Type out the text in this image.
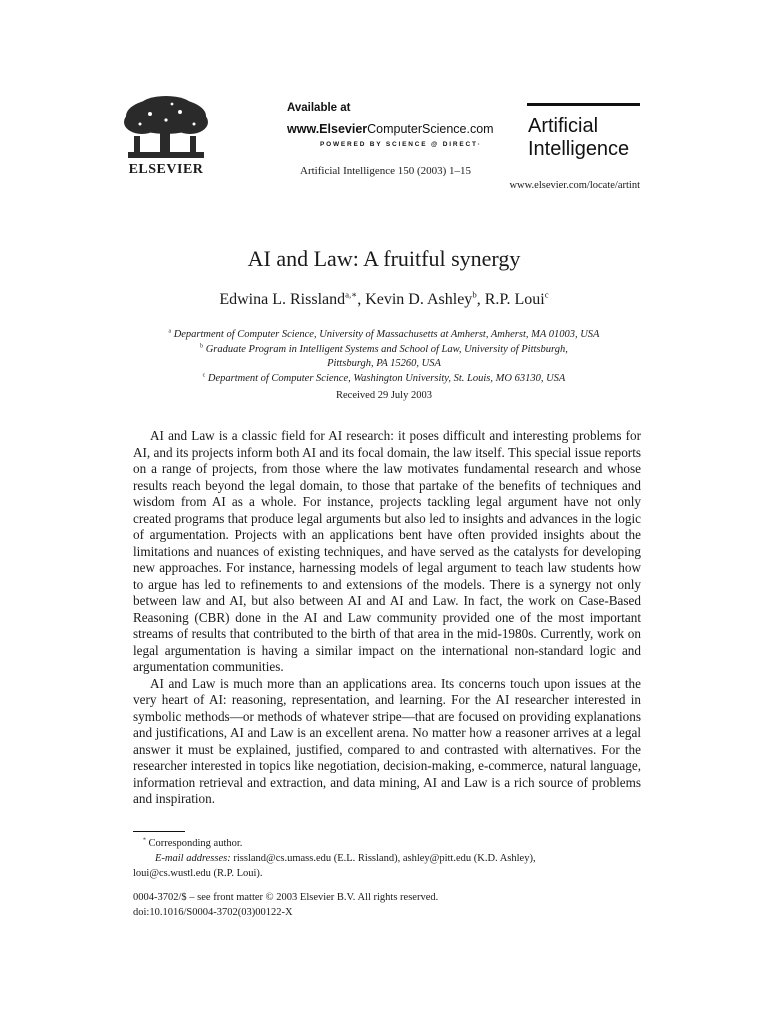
ELSEVIER
Available at
www.ElsevierComputerScience.com
POWERED BY SCIENCE @ DIRECT·
Artificial Intelligence 150 (2003) 1–15
Artificial
Intelligence
www.elsevier.com/locate/artint
AI and Law: A fruitful synergy
Edwina L. Rissland$^{a,∗}$, Kevin D. Ashley$^b$, R.P. Loui$^c$
$^a$ Department of Computer Science, University of Massachusetts at Amherst, Amherst, MA 01003, USA
$^b$ Graduate Program in Intelligent Systems and School of Law, University of Pittsburgh,
Pittsburgh, PA 15260, USA
$^c$ Department of Computer Science, Washington University, St. Louis, MO 63130, USA
Received 29 July 2003

AI and Law is a classic field for AI research: it poses difficult and interesting problems for AI, and its projects inform both AI and its focal domain, the law itself. This special issue reports on a range of projects, from those where the law motivates fundamental research and whose results reach beyond the legal domain, to those that partake of the benefits of techniques and wisdom from AI as a whole. For instance, projects tackling legal argument have not only created programs that produce legal arguments but also led to insights and advances in the logic of argumentation. Projects with an applications bent have often provided insights about the limitations and nuances of existing techniques, and have served as the catalysts for developing new approaches. For instance, harnessing models of legal argument to teach law students how to argue has led to refinements to and extensions of the models. There is a synergy not only between law and AI, but also between AI and AI and Law. In fact, the work on Case-Based Reasoning (CBR) done in the AI and Law community provided one of the most important streams of results that contributed to the birth of that area in the mid-1980s. Currently, work on legal argumentation is having a similar impact on the international non-standard logic and argumentation communities.

AI and Law is much more than an applications area. Its concerns touch upon issues at the very heart of AI: reasoning, representation, and learning. For the AI researcher interested in symbolic methods—or methods of whatever stripe—that are focused on providing explanations and justifications, AI and Law is an excellent arena. No matter how a reasoner arrives at a legal answer it must be explained, justified, compared to and contrasted with alternatives. For the researcher interested in topics like negotiation, decision-making, e-commerce, natural language, information retrieval and extraction, and data mining, AI and Law is a rich source of problems and inspiration.

* Corresponding author.
E-mail addresses: rissland@cs.umass.edu (E.L. Rissland), ashley@pitt.edu (K.D. Ashley),
loui@cs.wustl.edu (R.P. Loui).
0004-3702/$ – see front matter © 2003 Elsevier B.V. All rights reserved.
doi:10.1016/S0004-3702(03)00122-X
